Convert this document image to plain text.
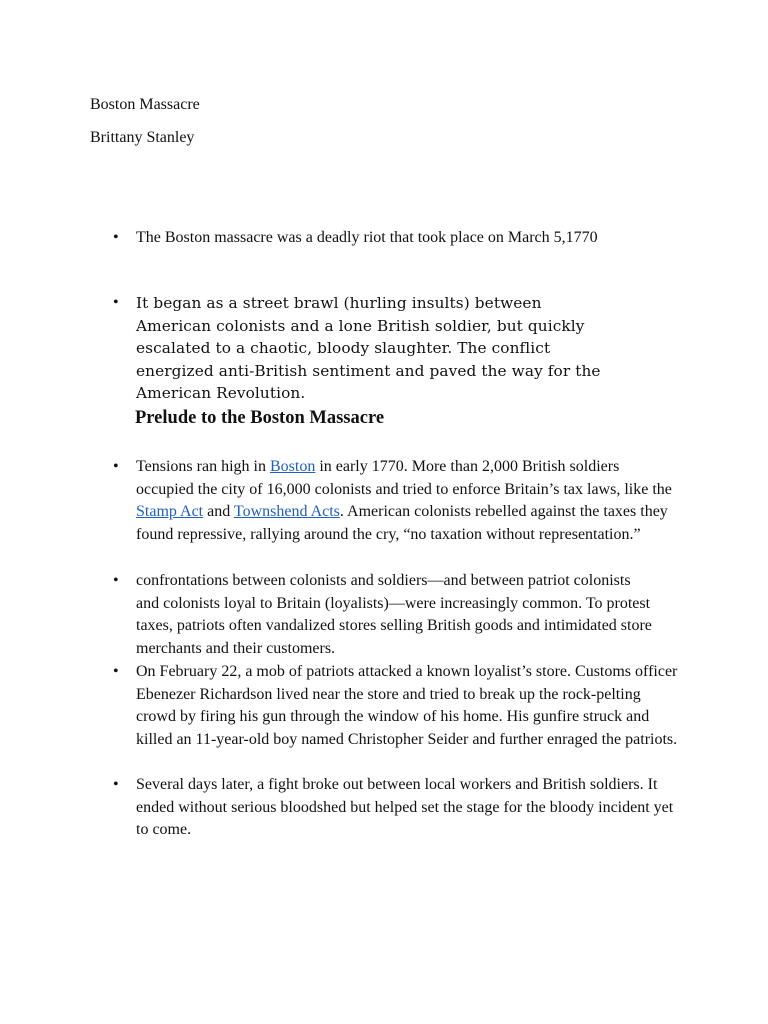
Boston Massacre

Brittany Stanley

• The Boston massacre was a deadly riot that took place on March 5,1770

• It began as a street brawl (hurling insults) between American colonists and a lone British soldier, but quickly escalated to a chaotic, bloody slaughter. The conflict energized anti-British sentiment and paved the way for the American Revolution.

Prelude to the Boston Massacre

• Tensions ran high in Boston in early 1770. More than 2,000 British soldiers occupied the city of 16,000 colonists and tried to enforce Britain’s tax laws, like the Stamp Act and Townshend Acts. American colonists rebelled against the taxes they found repressive, rallying around the cry, “no taxation without representation.”

• confrontations between colonists and soldiers—and between patriot colonists and colonists loyal to Britain (loyalists)—were increasingly common. To protest taxes, patriots often vandalized stores selling British goods and intimidated store merchants and their customers.

• On February 22, a mob of patriots attacked a known loyalist’s store. Customs officer Ebenezer Richardson lived near the store and tried to break up the rock-pelting crowd by firing his gun through the window of his home. His gunfire struck and killed an 11-year-old boy named Christopher Seider and further enraged the patriots.

• Several days later, a fight broke out between local workers and British soldiers. It ended without serious bloodshed but helped set the stage for the bloody incident yet to come.
